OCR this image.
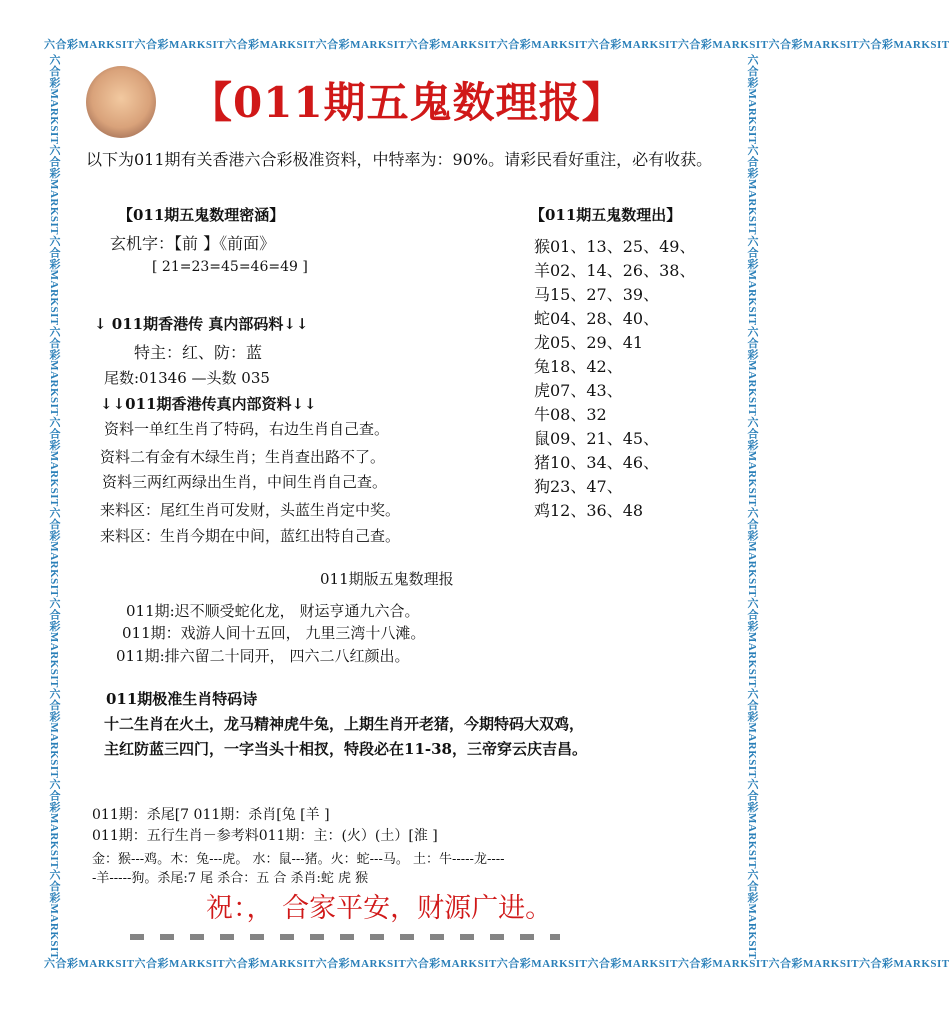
六合彩MARKSIT六合彩MARKSIT六合彩MARKSIT六合彩MARKSIT六合彩MARKSIT六合彩MARKSIT六合彩MARKSIT六合彩MARKSIT六合彩MARKSIT六合彩MARKSIT
六合彩MARKSIT六合彩MARKSIT六合彩MARKSIT六合彩MARKSIT六合彩MARKSIT六合彩MARKSIT六合彩MARKSIT六合彩MARKSIT六合彩MARKSIT六合彩MARKSIT
六合彩MARKSIT六合彩MARKSIT六合彩MARKSIT六合彩MARKSIT六合彩MARKSIT六合彩MARKSIT六合彩MARKSIT六合彩MARKSIT六合彩MARKSIT六合彩MARKSIT	六合彩MARKSIT六合彩MARKSIT六合彩MARKSIT六合彩MARKSIT六合彩MARKSIT六合彩MARKSIT六合彩MARKSIT六合彩MARKSIT六合彩MARKSIT六合彩MARKSIT
【011期五鬼数理报】
以下为011期有关香港六合彩极准资料，中特率为：90%。请彩民看好重注，必有收获。
【011期五鬼数理密涵】
玄机字：【前 】《前面》
[ 21=23=45=46=49 ]
↓ 011期香港传 真内部码料↓↓
特主：红、防：蓝
尾数:01346 —头数 035
↓↓011期香港传真内部资料↓↓
资料一单红生肖了特码，右边生肖自己查。
资料二有金有木绿生肖；生肖查出路不了。
资料三两红两绿出生肖，中间生肖自己查。
来料区：尾红生肖可发财，头蓝生肖定中奖。
来料区：生肖今期在中间，蓝红出特自己查。
【011期五鬼数理出】
猴01、13、25、49、
羊02、14、26、38、
马15、27、39、
蛇04、28、40、
龙05、29、41
兔18、42、
虎07、43、
牛08、32
鼠09、21、45、
猪10、34、46、
狗23、47、
鸡12、36、48
011期版五鬼数理报
011期:迟不顺受蛇化龙， 财运亨通九六合。
011期：戏游人间十五回， 九里三湾十八滩。
011期:排六留二十同开， 四六二八红颜出。
011期极准生肖特码诗
十二生肖在火土，龙马精神虎牛兔，上期生肖开老猪，今期特码大双鸡，
主红防蓝三四门，一字当头十相扠，特段必在11-38，三帝穿云庆吉昌。
011期：杀尾[7 011期：杀肖[兔 [羊 ]
011期：五行生肖－参考料011期：主：(火）(土）[淮 ]
金：猴---鸡。木：兔---虎。 水：鼠---猪。火：蛇---马。 土：牛-----龙----
-羊-----狗。杀尾:7 尾 杀合：五 合 杀肖:蛇 虎 猴
祝：， 合家平安，财源广进。
